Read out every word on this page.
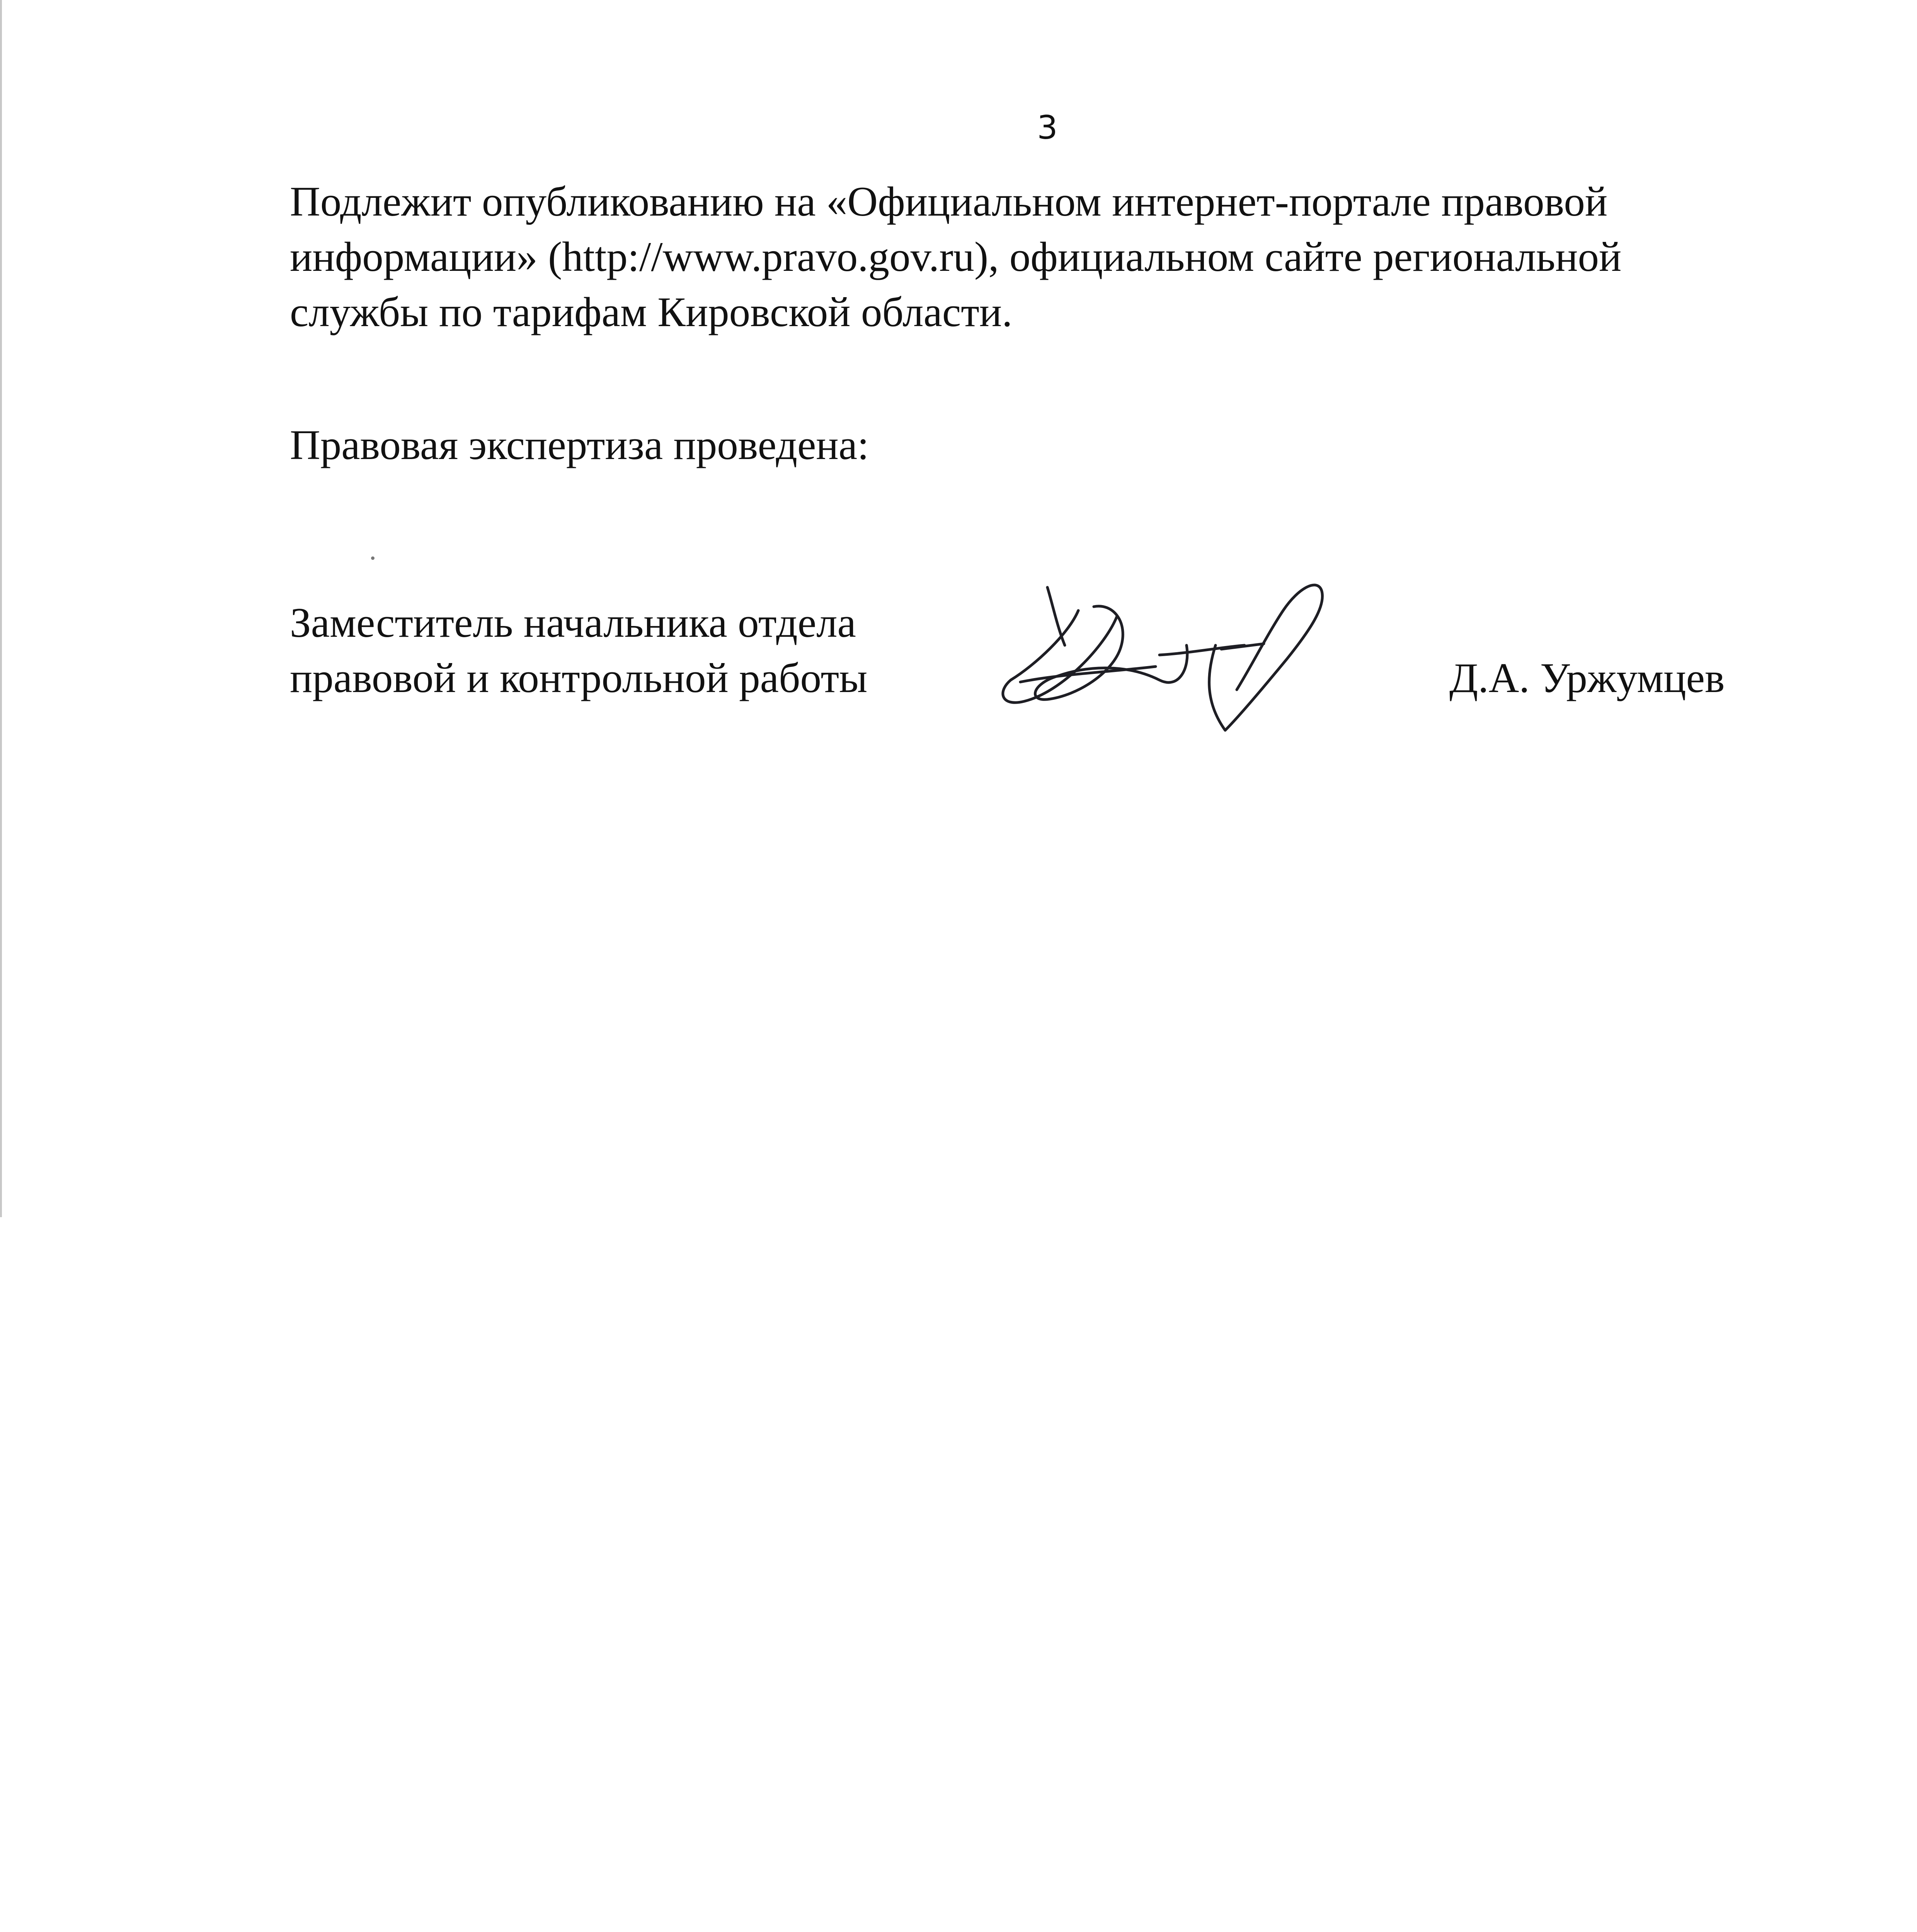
3
Подлежит опубликованию на «Официальном интернет-портале правовой
информации» (http://www.pravo.gov.ru), официальном сайте региональной
службы по тарифам Кировской области.
Правовая экспертиза проведена:
Заместитель начальника отдела
правовой и контрольной работы	Д.А. Уржумцев
